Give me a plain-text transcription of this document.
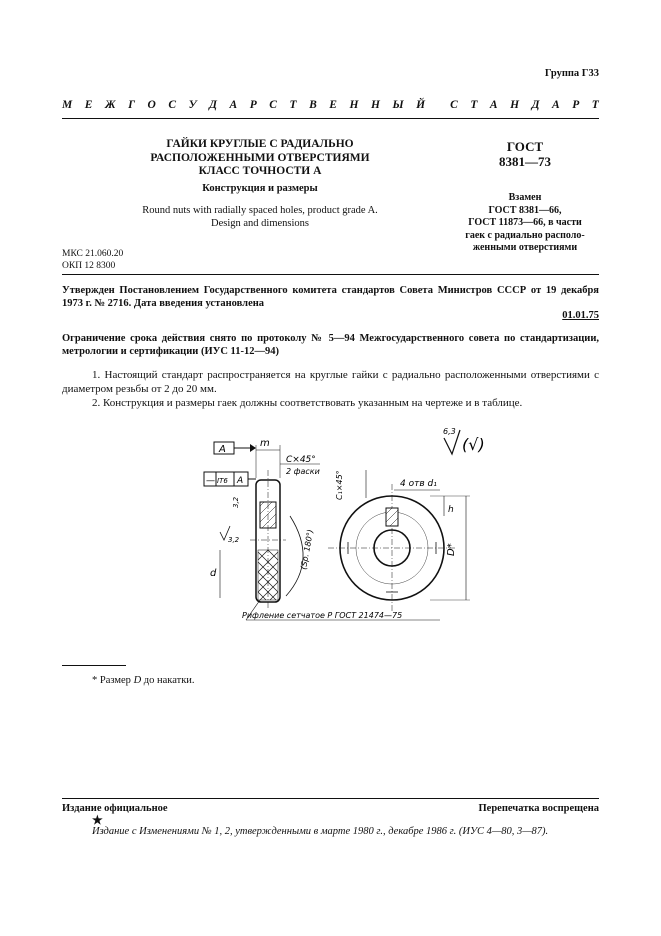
Группа Г33
М Е Ж Г О С У Д А Р С Т В Е Н Н Ы Й С Т А Н Д А Р Т
ГАЙКИ КРУГЛЫЕ С РАДИАЛЬНО
РАСПОЛОЖЕННЫМИ ОТВЕРСТИЯМИ
КЛАСС ТОЧНОСТИ А
Конструкция и размеры
Round nuts with radially spaced holes, product grade A.
Design and dimensions
ГОСТ
8381—73
Взамен
ГОСТ 8381—66,
ГОСТ 11873—66, в части
гаек с радиально располо-
женными отверстиями
МКС 21.060.20
ОКП 12 8300
Утвержден Постановлением Государственного комитета стандартов Совета Министров СССР от 19 декабря 1973 г. № 2716. Дата введения установлена
01.01.75
Ограничение срока действия снято по протоколу № 5—94 Межгосударственного совета по стандартизации, метрологии и сертификации (ИУС 11-12—94)
1. Настоящий стандарт распространяется на круглые гайки с радиально расположенными отверстиями с диаметром резьбы от 2 до 20 мм.
2. Конструкция и размеры гаек должны соответствовать указанным на чертеже и в таблице.
A
— IT6 A
m
C×45°
2 фаски
3,2
3,2
d
(Sp. 180°)
Рифление сетчатое Р ГОСТ 21474—75
6,3
(√)
C₁×45°	4 отв d₁
h
D*
* Размер D до накатки.
Издание официальное	Перепечатка воспрещена
★
Издание с Изменениями № 1, 2, утвержденными в марте 1980 г., декабре 1986 г. (ИУС 4—80, 3—87).
